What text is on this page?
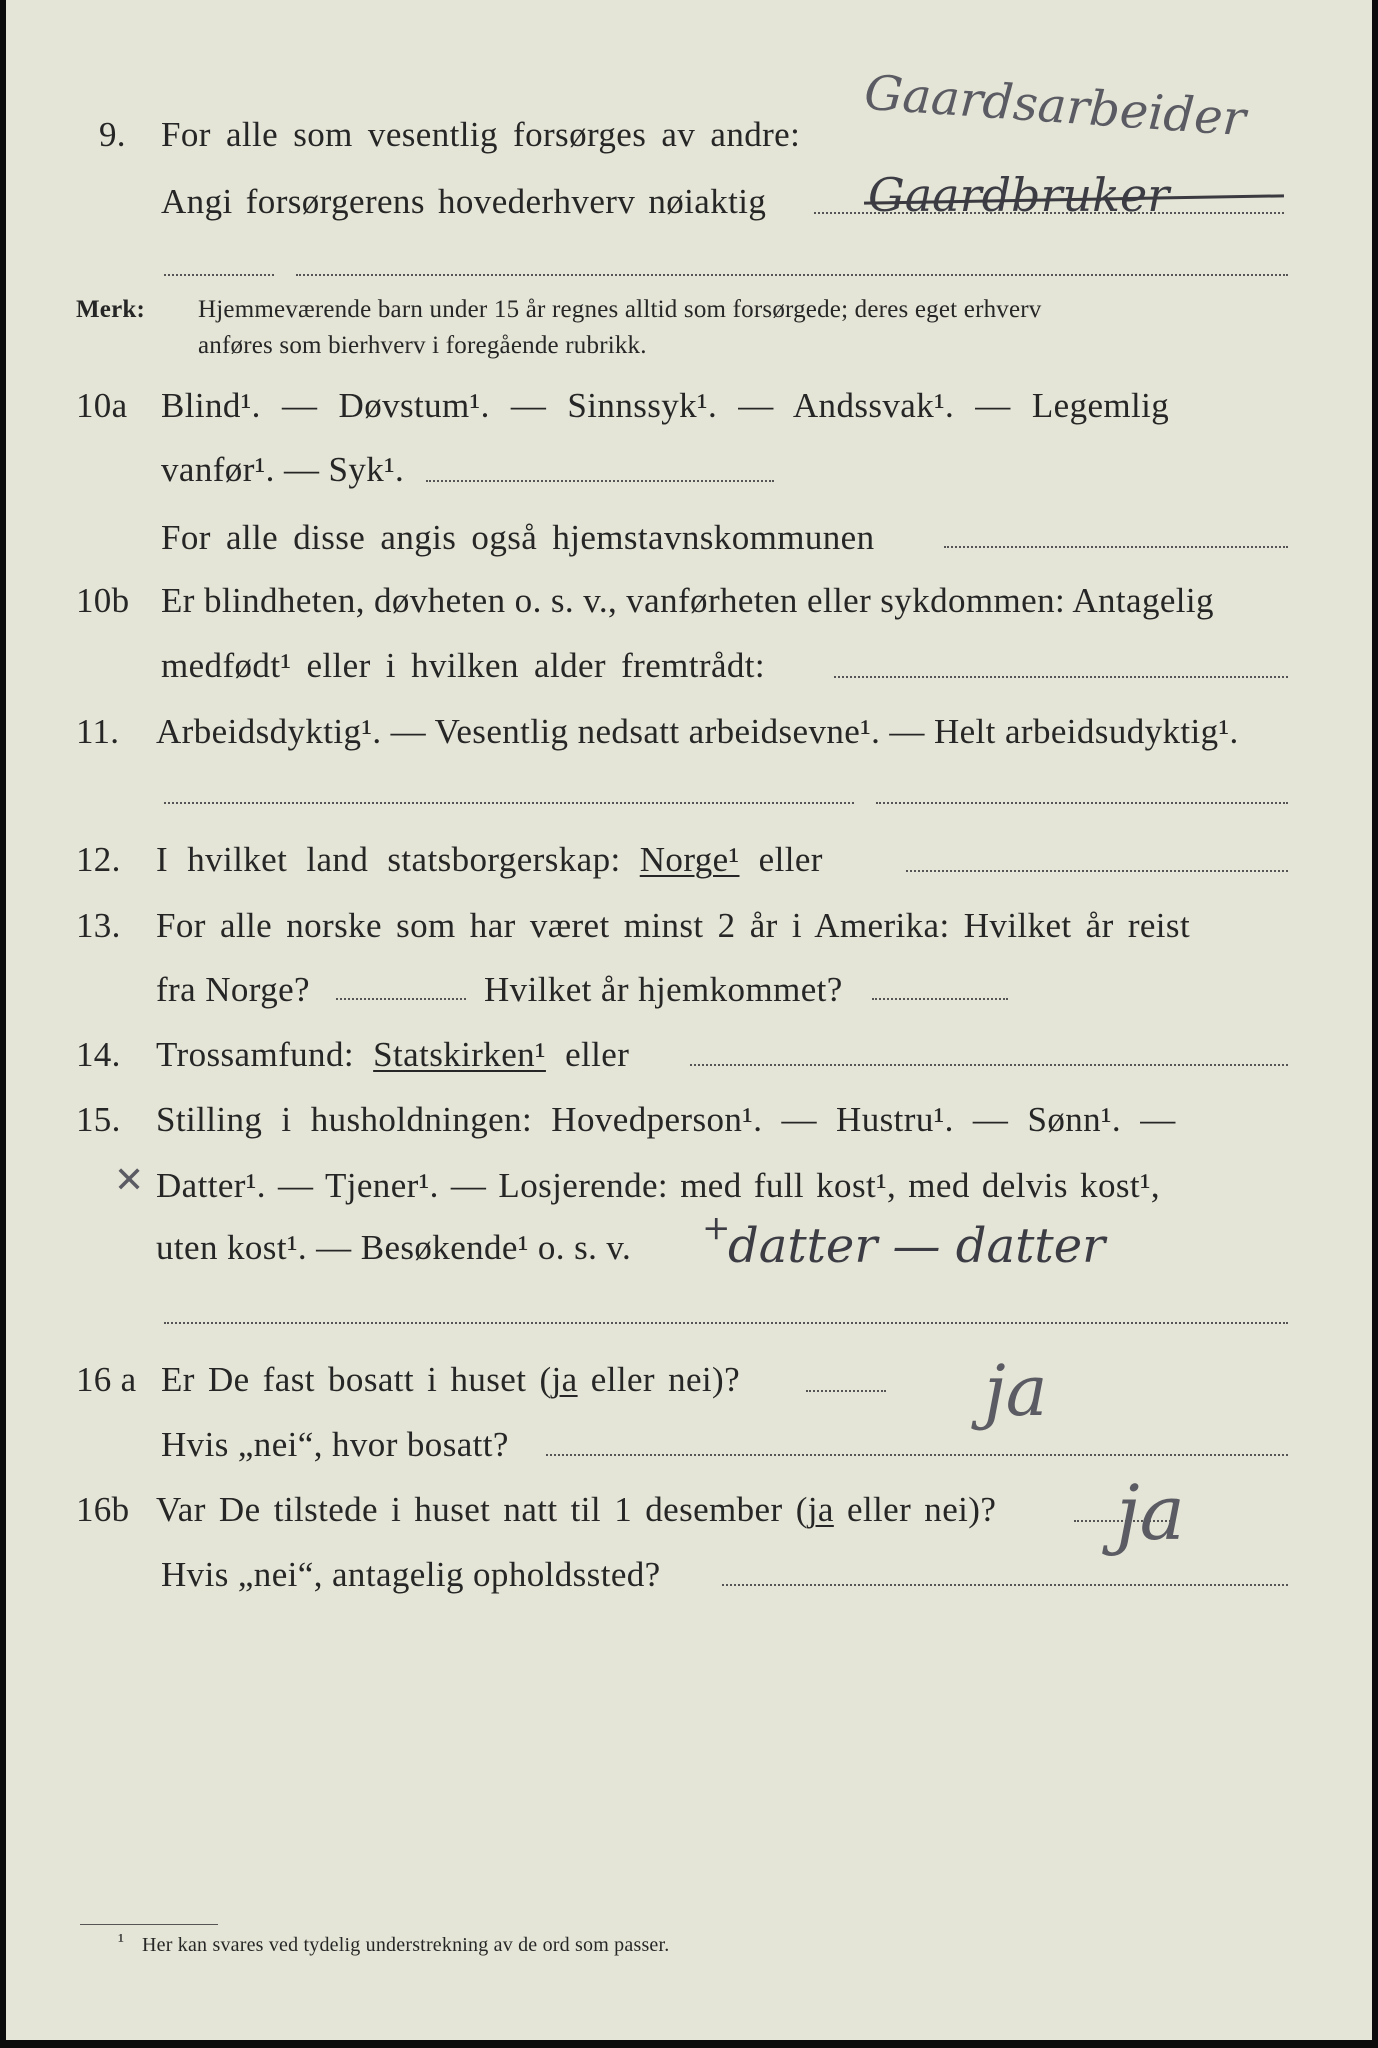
9. For alle som vesentlig forsørges av andre: Gaardsarbeider
Angi forsørgerens hovederhverv nøiaktig Gaardbruker
Merk: Hjemmeværende barn under 15 år regnes alltid som forsørgede; deres eget erhverv
anføres som bierhverv i foregående rubrikk.
10a Blind¹. — Døvstum¹. — Sinnssyk¹. — Andssvak¹. — Legemlig
vanfør¹. — Syk¹.
For alle disse angis også hjemstavnskommunen
10b Er blindheten, døvheten o. s. v., vanførheten eller sykdommen: Antagelig
medfødt¹ eller i hvilken alder fremtrådt:
11. Arbeidsdyktig¹. — Vesentlig nedsatt arbeidsevne¹. — Helt arbeidsudyktig¹.
12. I hvilket land statsborgerskap: Norge¹ eller
13. For alle norske som har været minst 2 år i Amerika: Hvilket år reist
fra Norge?	Hvilket år hjemkommet?
14. Trossamfund: Statskirken¹ eller
15. Stilling i husholdningen: Hovedperson¹. — Hustru¹. — Sønn¹. —
✕ Datter¹. — Tjener¹. — Losjerende: med full kost¹, med delvis kost¹,
uten kost¹. — Besøkende¹ o. s. v. +
datter — datter
16 a Er De fast bosatt i huset (ja eller nei)?	ja
Hvis „nei“, hvor bosatt?
16b Var De tilstede i huset natt til 1 desember (ja eller nei)? ja
Hvis „nei“, antagelig opholdssted?
¹ Her kan svares ved tydelig understrekning av de ord som passer.
